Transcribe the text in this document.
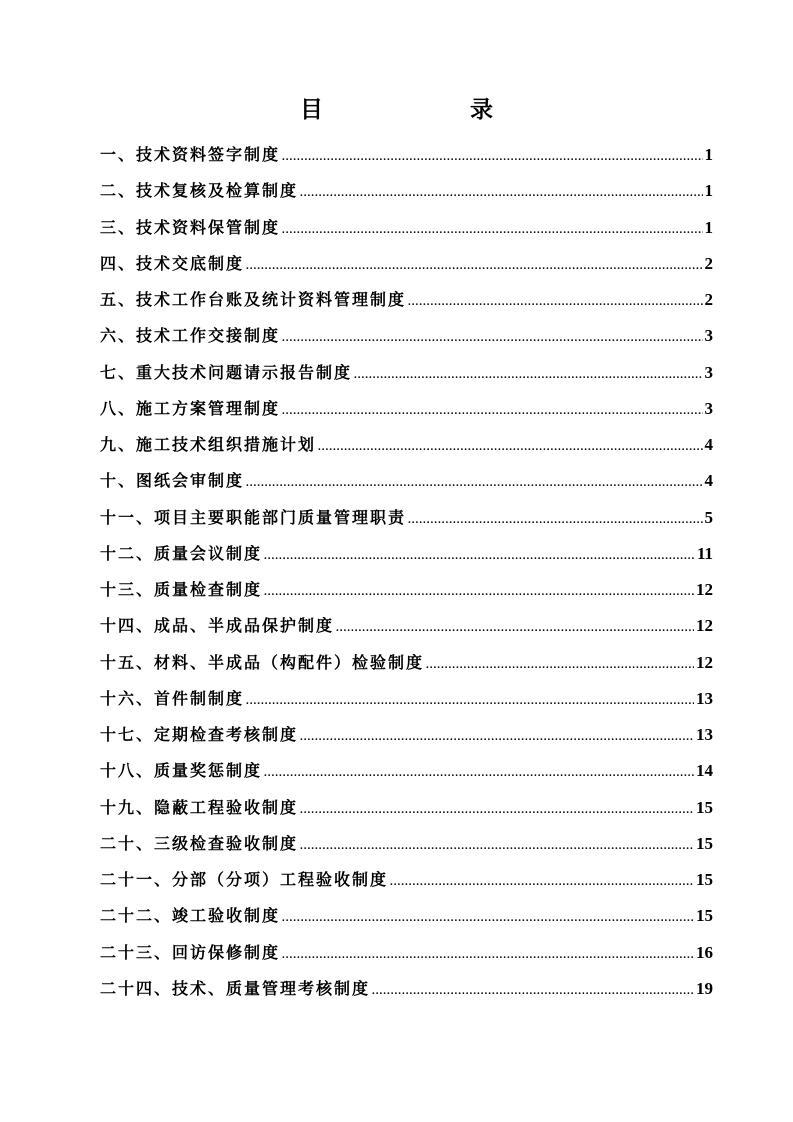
目　录
一、技术资料签字制度 .....	1
二、技术复核及检算制度 .....	1
三、技术资料保管制度 .....	1
四、技术交底制度 .....	2
五、技术工作台账及统计资料管理制度 .....	2
六、技术工作交接制度 .....	3
七、重大技术问题请示报告制度 .....	3
八、施工方案管理制度 .....	3
九、施工技术组织措施计划 .....	4
十、图纸会审制度 .....	4
十一、项目主要职能部门质量管理职责 .....	5
十二、质量会议制度 .....	11
十三、质量检查制度 .....	12
十四、成品、半成品保护制度 .....	12
十五、材料、半成品（构配件）检验制度 .....	12
十六、首件制制度 .....	13
十七、定期检查考核制度 .....	13
十八、质量奖惩制度 .....	14
十九、隐蔽工程验收制度 .....	15
二十、三级检查验收制度 .....	15
二十一、分部（分项）工程验收制度 .....	15
二十二、竣工验收制度 .....	15
二十三、回访保修制度 .....	16
二十四、技术、质量管理考核制度 .....	19
